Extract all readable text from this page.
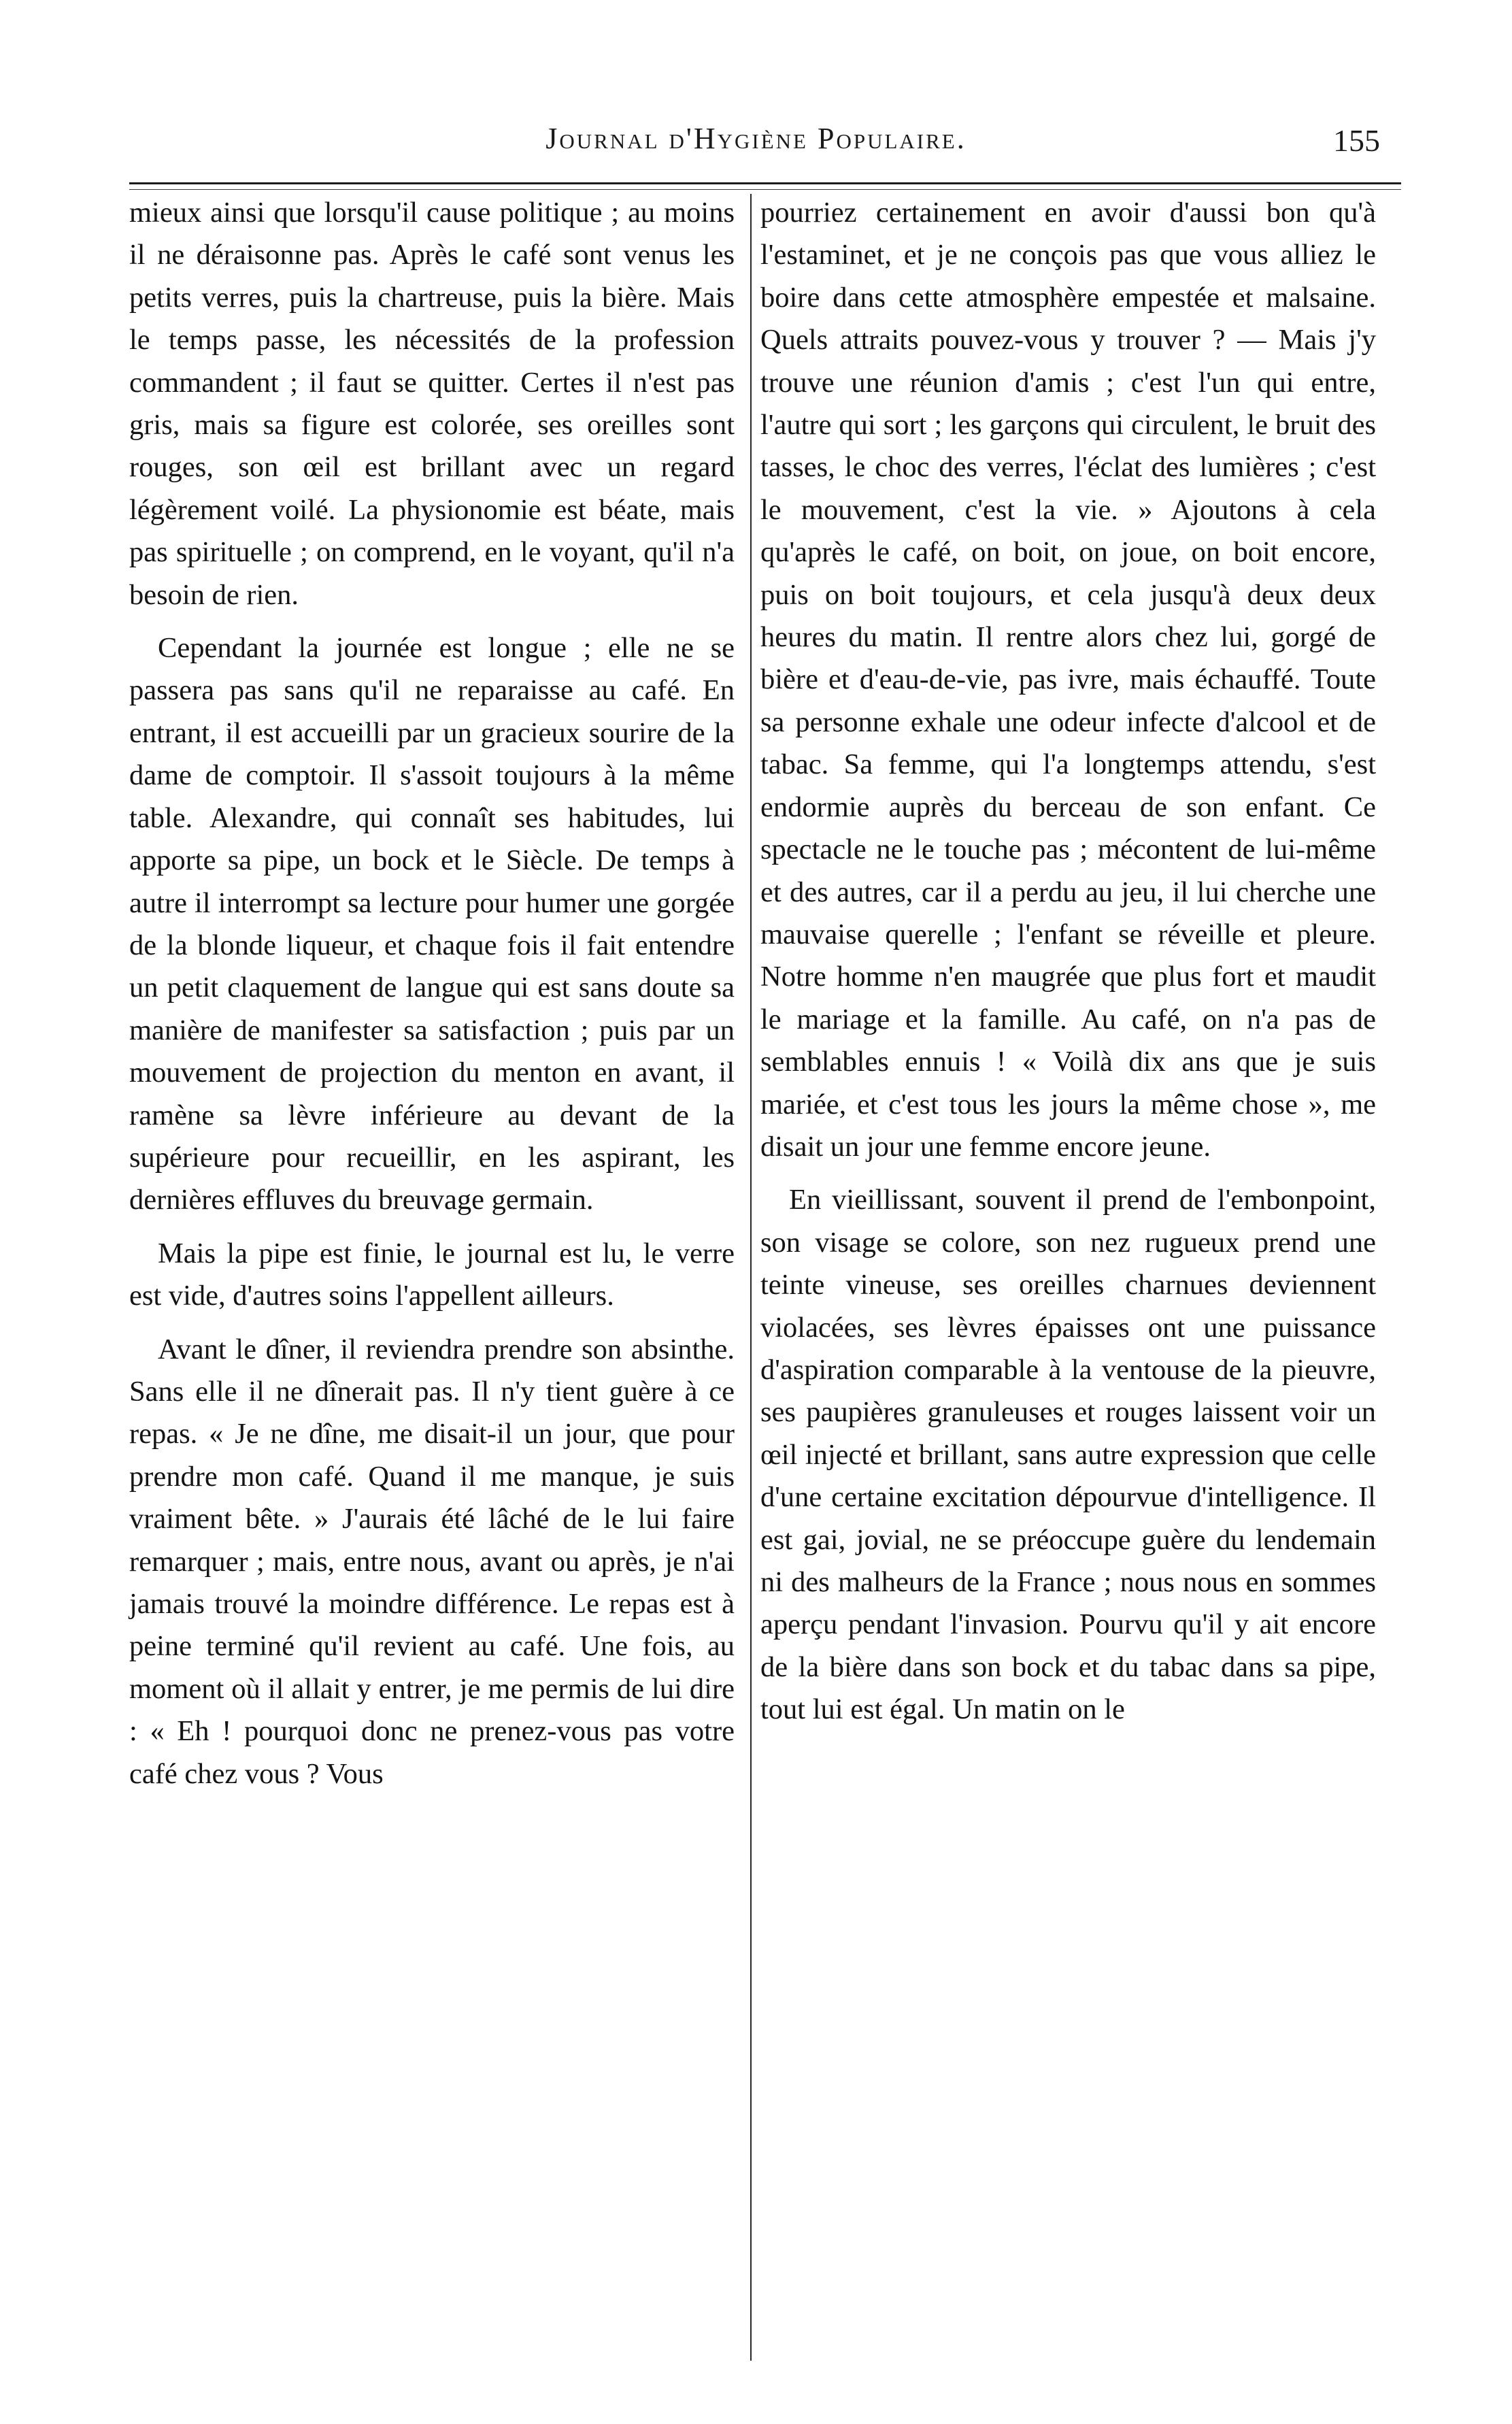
Journal d'Hygiène Populaire.	155

mieux ainsi que lorsqu'il cause politique ; au moins il ne déraisonne pas. Après le café sont venus les petits verres, puis la chartreuse, puis la bière. Mais le temps passe, les nécessités de la profession commandent ; il faut se quitter. Certes il n'est pas gris, mais sa figure est colorée, ses oreilles sont rouges, son œil est brillant avec un regard légèrement voilé. La physionomie est béate, mais pas spirituelle ; on comprend, en le voyant, qu'il n'a besoin de rien.

Cependant la journée est longue ; elle ne se passera pas sans qu'il ne reparaisse au café. En entrant, il est accueilli par un gracieux sourire de la dame de comptoir. Il s'assoit toujours à la même table. Alexandre, qui connaît ses habitudes, lui apporte sa pipe, un bock et le Siècle. De temps à autre il interrompt sa lecture pour humer une gorgée de la blonde liqueur, et chaque fois il fait entendre un petit claquement de langue qui est sans doute sa manière de manifester sa satisfaction ; puis par un mouvement de projection du menton en avant, il ramène sa lèvre inférieure au devant de la supérieure pour recueillir, en les aspirant, les dernières effluves du breuvage germain.

Mais la pipe est finie, le journal est lu, le verre est vide, d'autres soins l'appellent ailleurs.

Avant le dîner, il reviendra prendre son absinthe. Sans elle il ne dînerait pas. Il n'y tient guère à ce repas. « Je ne dîne, me disait-il un jour, que pour prendre mon café. Quand il me manque, je suis vraiment bête. » J'aurais été lâché de le lui faire remarquer ; mais, entre nous, avant ou après, je n'ai jamais trouvé la moindre différence. Le repas est à peine terminé qu'il revient au café. Une fois, au moment où il allait y entrer, je me permis de lui dire : « Eh ! pourquoi donc ne prenez-vous pas votre café chez vous ? Vous

pourriez certainement en avoir d'aussi bon qu'à l'estaminet, et je ne conçois pas que vous alliez le boire dans cette atmosphère empestée et malsaine. Quels attraits pouvez-vous y trouver ? — Mais j'y trouve une réunion d'amis ; c'est l'un qui entre, l'autre qui sort ; les garçons qui circulent, le bruit des tasses, le choc des verres, l'éclat des lumières ; c'est le mouvement, c'est la vie. » Ajoutons à cela qu'après le café, on boit, on joue, on boit encore, puis on boit toujours, et cela jusqu'à deux deux heures du matin. Il rentre alors chez lui, gorgé de bière et d'eau-de-vie, pas ivre, mais échauffé. Toute sa personne exhale une odeur infecte d'alcool et de tabac. Sa femme, qui l'a longtemps attendu, s'est endormie auprès du berceau de son enfant. Ce spectacle ne le touche pas ; mécontent de lui-même et des autres, car il a perdu au jeu, il lui cherche une mauvaise querelle ; l'enfant se réveille et pleure. Notre homme n'en maugrée que plus fort et maudit le mariage et la famille. Au café, on n'a pas de semblables ennuis ! « Voilà dix ans que je suis mariée, et c'est tous les jours la même chose », me disait un jour une femme encore jeune.

En vieillissant, souvent il prend de l'embonpoint, son visage se colore, son nez rugueux prend une teinte vineuse, ses oreilles charnues deviennent violacées, ses lèvres épaisses ont une puissance d'aspiration comparable à la ventouse de la pieuvre, ses paupières granuleuses et rouges laissent voir un œil injecté et brillant, sans autre expression que celle d'une certaine excitation dépourvue d'intelligence. Il est gai, jovial, ne se préoccupe guère du lendemain ni des malheurs de la France ; nous nous en sommes aperçu pendant l'invasion. Pourvu qu'il y ait encore de la bière dans son bock et du tabac dans sa pipe, tout lui est égal. Un matin on le
